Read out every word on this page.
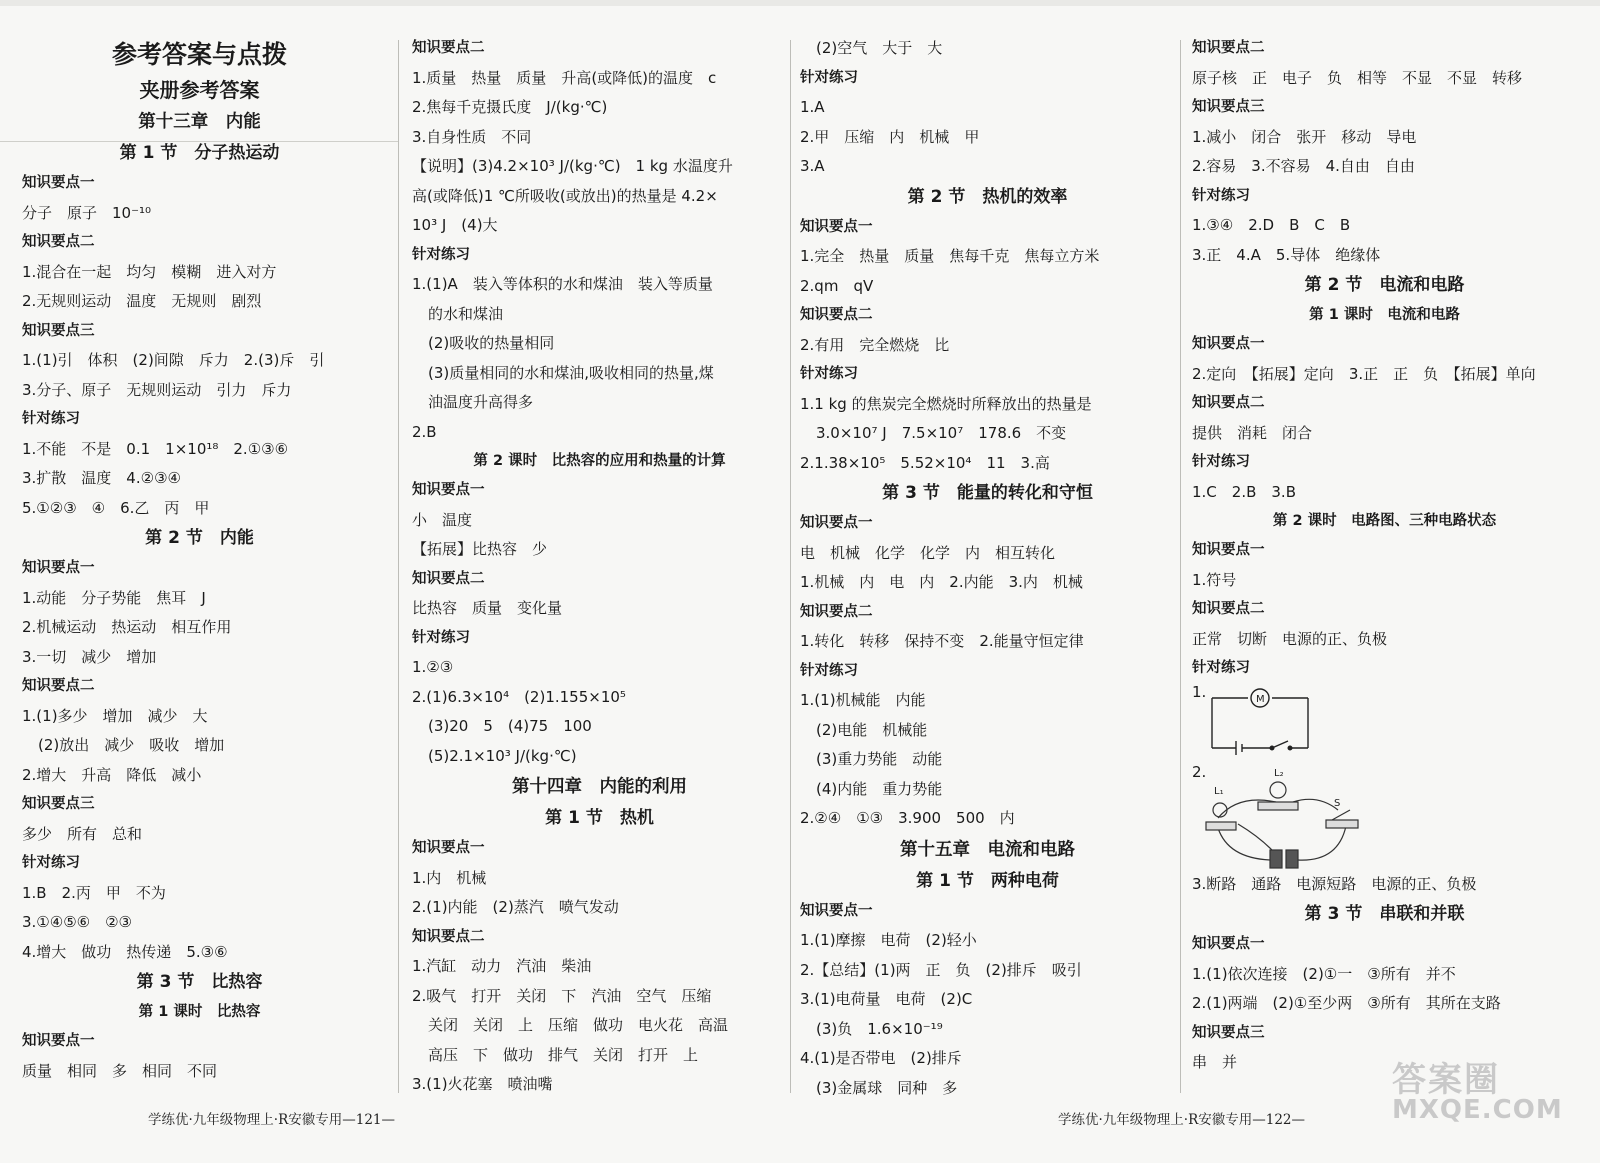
参考答案与点拨
夹册参考答案
第十三章　内能
第 1 节　分子热运动
知识要点一
分子　原子　10⁻¹⁰
知识要点二
1.混合在一起　均匀　模糊　进入对方
2.无规则运动　温度　无规则　剧烈
知识要点三
1.(1)引　体积　(2)间隙　斥力　2.(3)斥　引
3.分子、原子　无规则运动　引力　斥力
针对练习
1.不能　不是　0.1　1×10¹⁸　2.①③⑥
3.扩散　温度　4.②③④
5.①②③　④　6.乙　丙　甲
第 2 节　内能
知识要点一
1.动能　分子势能　焦耳　J
2.机械运动　热运动　相互作用
3.一切　减少　增加
知识要点二
1.(1)多少　增加　减少　大
(2)放出　减少　吸收　增加
2.增大　升高　降低　减小
知识要点三
多少　所有　总和
针对练习
1.B　2.丙　甲　不为
3.①④⑤⑥　②③
4.增大　做功　热传递　5.③⑥
第 3 节　比热容
第 1 课时　比热容
知识要点一
质量　相同　多　相同　不同
知识要点二
1.质量　热量　质量　升高(或降低)的温度　c
2.焦每千克摄氏度　J/(kg·℃)
3.自身性质　不同
【说明】(3)4.2×10³ J/(kg·℃)　1 kg 水温度升
高(或降低)1 ℃所吸收(或放出)的热量是 4.2×
10³ J　(4)大
针对练习
1.(1)A　装入等体积的水和煤油　装入等质量
的水和煤油
(2)吸收的热量相同
(3)质量相同的水和煤油,吸收相同的热量,煤
油温度升高得多
2.B
第 2 课时　比热容的应用和热量的计算
知识要点一
小　温度
【拓展】比热容　少
知识要点二
比热容　质量　变化量
针对练习
1.②③
2.(1)6.3×10⁴　(2)1.155×10⁵
(3)20　5　(4)75　100
(5)2.1×10³ J/(kg·℃)
第十四章　内能的利用
第 1 节　热机
知识要点一
1.内　机械
2.(1)内能　(2)蒸汽　喷气发动
知识要点二
1.汽缸　动力　汽油　柴油
2.吸气　打开　关闭　下　汽油　空气　压缩
关闭　关闭　上　压缩　做功　电火花　高温
高压　下　做功　排气　关闭　打开　上
3.(1)火花塞　喷油嘴
(2)空气　大于　大
针对练习
1.A
2.甲　压缩　内　机械　甲
3.A
第 2 节　热机的效率
知识要点一
1.完全　热量　质量　焦每千克　焦每立方米
2.qm　qV
知识要点二
2.有用　完全燃烧　比
针对练习
1.1 kg 的焦炭完全燃烧时所释放出的热量是
3.0×10⁷ J　7.5×10⁷　178.6　不变
2.1.38×10⁵　5.52×10⁴　11　3.高
第 3 节　能量的转化和守恒
知识要点一
电　机械　化学　化学　内　相互转化
1.机械　内　电　内　2.内能　3.内　机械
知识要点二
1.转化　转移　保持不变　2.能量守恒定律
针对练习
1.(1)机械能　内能
(2)电能　机械能
(3)重力势能　动能
(4)内能　重力势能
2.②④　①③　3.900　500　内
第十五章　电流和电路
第 1 节　两种电荷
知识要点一
1.(1)摩擦　电荷　(2)轻小
2.【总结】(1)两　正　负　(2)排斥　吸引
3.(1)电荷量　电荷　(2)C
(3)负　1.6×10⁻¹⁹
4.(1)是否带电　(2)排斥
(3)金属球　同种　多
知识要点二
原子核　正　电子　负　相等　不显　不显　转移
知识要点三
1.减小　闭合　张开　移动　导电
2.容易　3.不容易　4.自由　自由
针对练习
1.③④　2.D　B　C　B
3.正　4.A　5.导体　绝缘体
第 2 节　电流和电路
第 1 课时　电流和电路
知识要点一
2.定向　【拓展】定向　3.正　正　负　【拓展】单向
知识要点二
提供　消耗　闭合
针对练习
1.C　2.B　3.B
第 2 课时　电路图、三种电路状态
知识要点一
1.符号
知识要点二
正常　切断　电源的正、负极
针对练习
1.	M
2.
L₁
L₂
S
3.断路　通路　电源短路　电源的正、负极
第 3 节　串联和并联
知识要点一
1.(1)依次连接　(2)①一　③所有　并不
2.(1)两端　(2)①至少两　③所有　其所在支路
知识要点三
串　并
学练优·九年级物理上·R安徽专用—121—	学练优·九年级物理上·R安徽专用—122—
答案圈
MXQE.COM
